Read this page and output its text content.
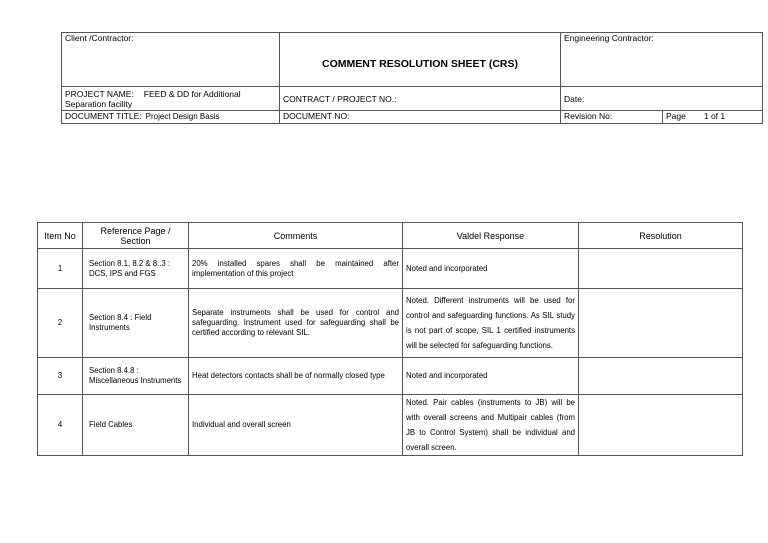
Client /Contractor:	COMMENT RESOLUTION SHEET (CRS)	Engineering Contractor:	
PROJECT NAME: FEED & DD for Additional Separation facility	CONTRACT / PROJECT NO.:	Date:	
DOCUMENT TITLE: Project Design Basis	DOCUMENT NO:	Revision No:	Page 1 of 1
Item No	Reference Page / Section	Comments	Valdel Response	Resolution
1	Section 8.1, 8.2 & 8..3 : DCS, IPS and FGS	20% installed spares shall be maintained after implementation of this project	Noted and incorporated	
2	Section 8.4 : Field Instruments	Separate instruments shall be used for control and safeguarding. Instrument used for safeguarding shall be certified according to relevant SIL.	Noted. Different instruments will be used for control and safeguarding functions. As SIL study is not part of scope, SIL 1 certified instruments will be selected for safeguarding functions.	
3	Section 8.4.8 : Miscellaneous Instruments	Heat detectors contacts shall be of normally closed type	Noted and incorporated	
4	Field Cables	Individual and overall screen	Noted. Pair cables (instruments to JB) will be with overall screens and Multipair cables (from JB to Control System) shall be individual and overall screen.	
